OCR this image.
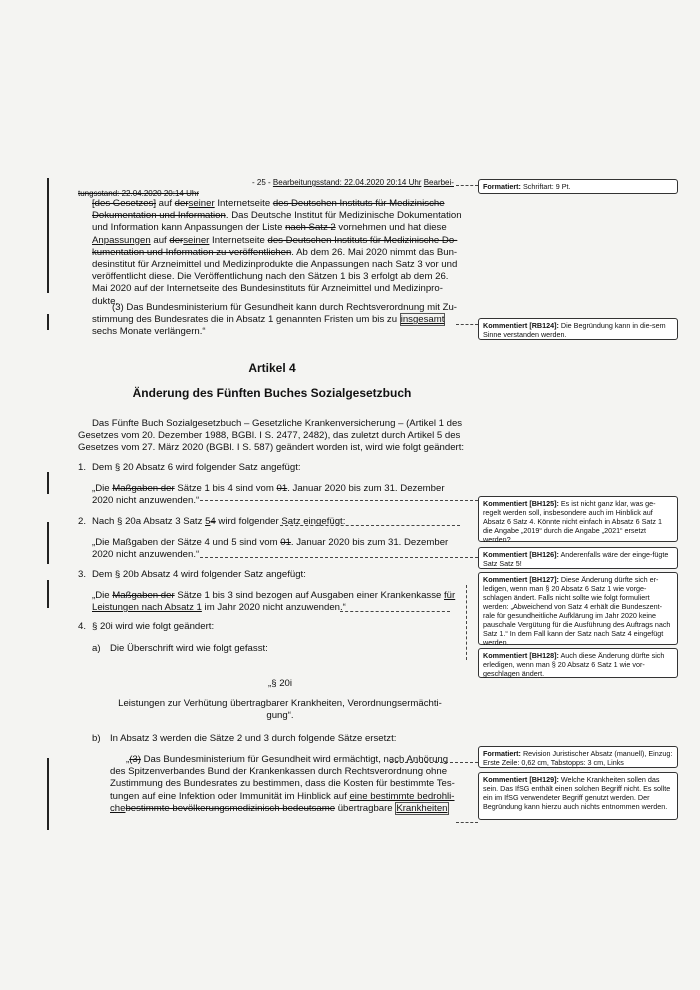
- 25 - Bearbeitungsstand: 22.04.2020 20:14 Uhr Bearbei-
tungsstand: 22.04.2020 20:14 Uhr
[des Gesetzes] auf derseiner Internetseite des Deutschen Instituts für Medizinische
Dokumentation und Information. Das Deutsche Institut für Medizinische Dokumentation
und Information kann Anpassungen der Liste nach Satz 2 vornehmen und hat diese
Anpassungen auf derseiner Internetseite des Deutschen Instituts für Medizinische Do-
kumentation und Information zu veröffentlichen. Ab dem 26. Mai 2020 nimmt das Bun-
desinstitut für Arzneimittel und Medizinprodukte die Anpassungen nach Satz 3 vor und
veröffentlicht diese. Die Veröffentlichung nach den Sätzen 1 bis 3 erfolgt ab dem 26.
Mai 2020 auf der Internetseite des Bundesinstituts für Arzneimittel und Medizinpro-
dukte.
(3) Das Bundesministerium für Gesundheit kann durch Rechtsverordnung mit Zu-
stimmung des Bundesrates die in Absatz 1 genannten Fristen um bis zu insgesamt
sechs Monate verlängern.“
Artikel 4
Änderung des Fünften Buches Sozialgesetzbuch
Das Fünfte Buch Sozialgesetzbuch – Gesetzliche Krankenversicherung – (Artikel 1 des
Gesetzes vom 20. Dezember 1988, BGBl. I S. 2477, 2482), das zuletzt durch Artikel 5 des
Gesetzes vom 27. März 2020 (BGBl. I S. 587) geändert worden ist, wird wie folgt geändert:
1. Dem § 20 Absatz 6 wird folgender Satz angefügt:
„Die Maßgaben der Sätze 1 bis 4 sind vom 01. Januar 2020 bis zum 31. Dezember
2020 nicht anzuwenden.“
2. Nach § 20a Absatz 3 Satz 54 wird folgender Satz eingefügt:
„Die Maßgaben der Sätze 4 und 5 sind vom 01. Januar 2020 bis zum 31. Dezember
2020 nicht anzuwenden.“
3. Dem § 20b Absatz 4 wird folgender Satz angefügt:
„Die Maßgaben der Sätze 1 bis 3 sind bezogen auf Ausgaben einer Krankenkasse für
Leistungen nach Absatz 1 im Jahr 2020 nicht anzuwenden.“
4. § 20i wird wie folgt geändert:
a) Die Überschrift wird wie folgt gefasst:
„§ 20i
Leistungen zur Verhütung übertragbarer Krankheiten, Verordnungsermächti-
gung“.
b) In Absatz 3 werden die Sätze 2 und 3 durch folgende Sätze ersetzt:
„(3) Das Bundesministerium für Gesundheit wird ermächtigt, nach Anhörung
des Spitzenverbandes Bund der Krankenkassen durch Rechtsverordnung ohne
Zustimmung des Bundesrates zu bestimmen, dass die Kosten für bestimmte Tes-
tungen auf eine Infektion oder Immunität im Hinblick auf eine bestimmte bedrohli-
chebestimmte bevölkerungsmedizinisch bedeutsame übertragbare Krankheiten
Formatiert: Schriftart: 9 Pt.
Kommentiert [RB124]: Die Begründung kann in die-sem Sinne verstanden werden.
Kommentiert [BH125]: Es ist nicht ganz klar, was ge-regelt werden soll, insbesondere auch im Hinblick auf Absatz 6 Satz 4. Könnte nicht einfach in Absatz 6 Satz 1 die Angabe „2019“ durch die Angabe „2021“ ersetzt werden?
Kommentiert [BH126]: Anderenfalls wäre der einge-fügte Satz Satz 5!
Kommentiert [BH127]: Diese Änderung dürfte sich er-ledigen, wenn man § 20 Absatz 6 Satz 1 wie vorge-schlagen ändert. Falls nicht sollte wie folgt formuliert werden: „Abweichend von Satz 4 erhält die Bundeszent-rale für gesundheitliche Aufklärung im Jahr 2020 keine pauschale Vergütung für die Ausführung des Auftrags nach Satz 1.“ In dem Fall kann der Satz nach Satz 4 eingefügt werden.
Kommentiert [BH128]: Auch diese Änderung dürfte sich erledigen, wenn man § 20 Absatz 6 Satz 1 wie vor-geschlagen ändert.
Formatiert: Revision Juristischer Absatz (manuell), Einzug: Erste Zeile: 0,62 cm, Tabstopps: 3 cm, Links
Kommentiert [BH129]: Welche Krankheiten sollen das sein. Das IfSG enthält einen solchen Begriff nicht. Es sollte ein im IfSG verwendeter Begriff genutzt werden. Der Begründung kann hierzu auch nichts entnommen werden.
